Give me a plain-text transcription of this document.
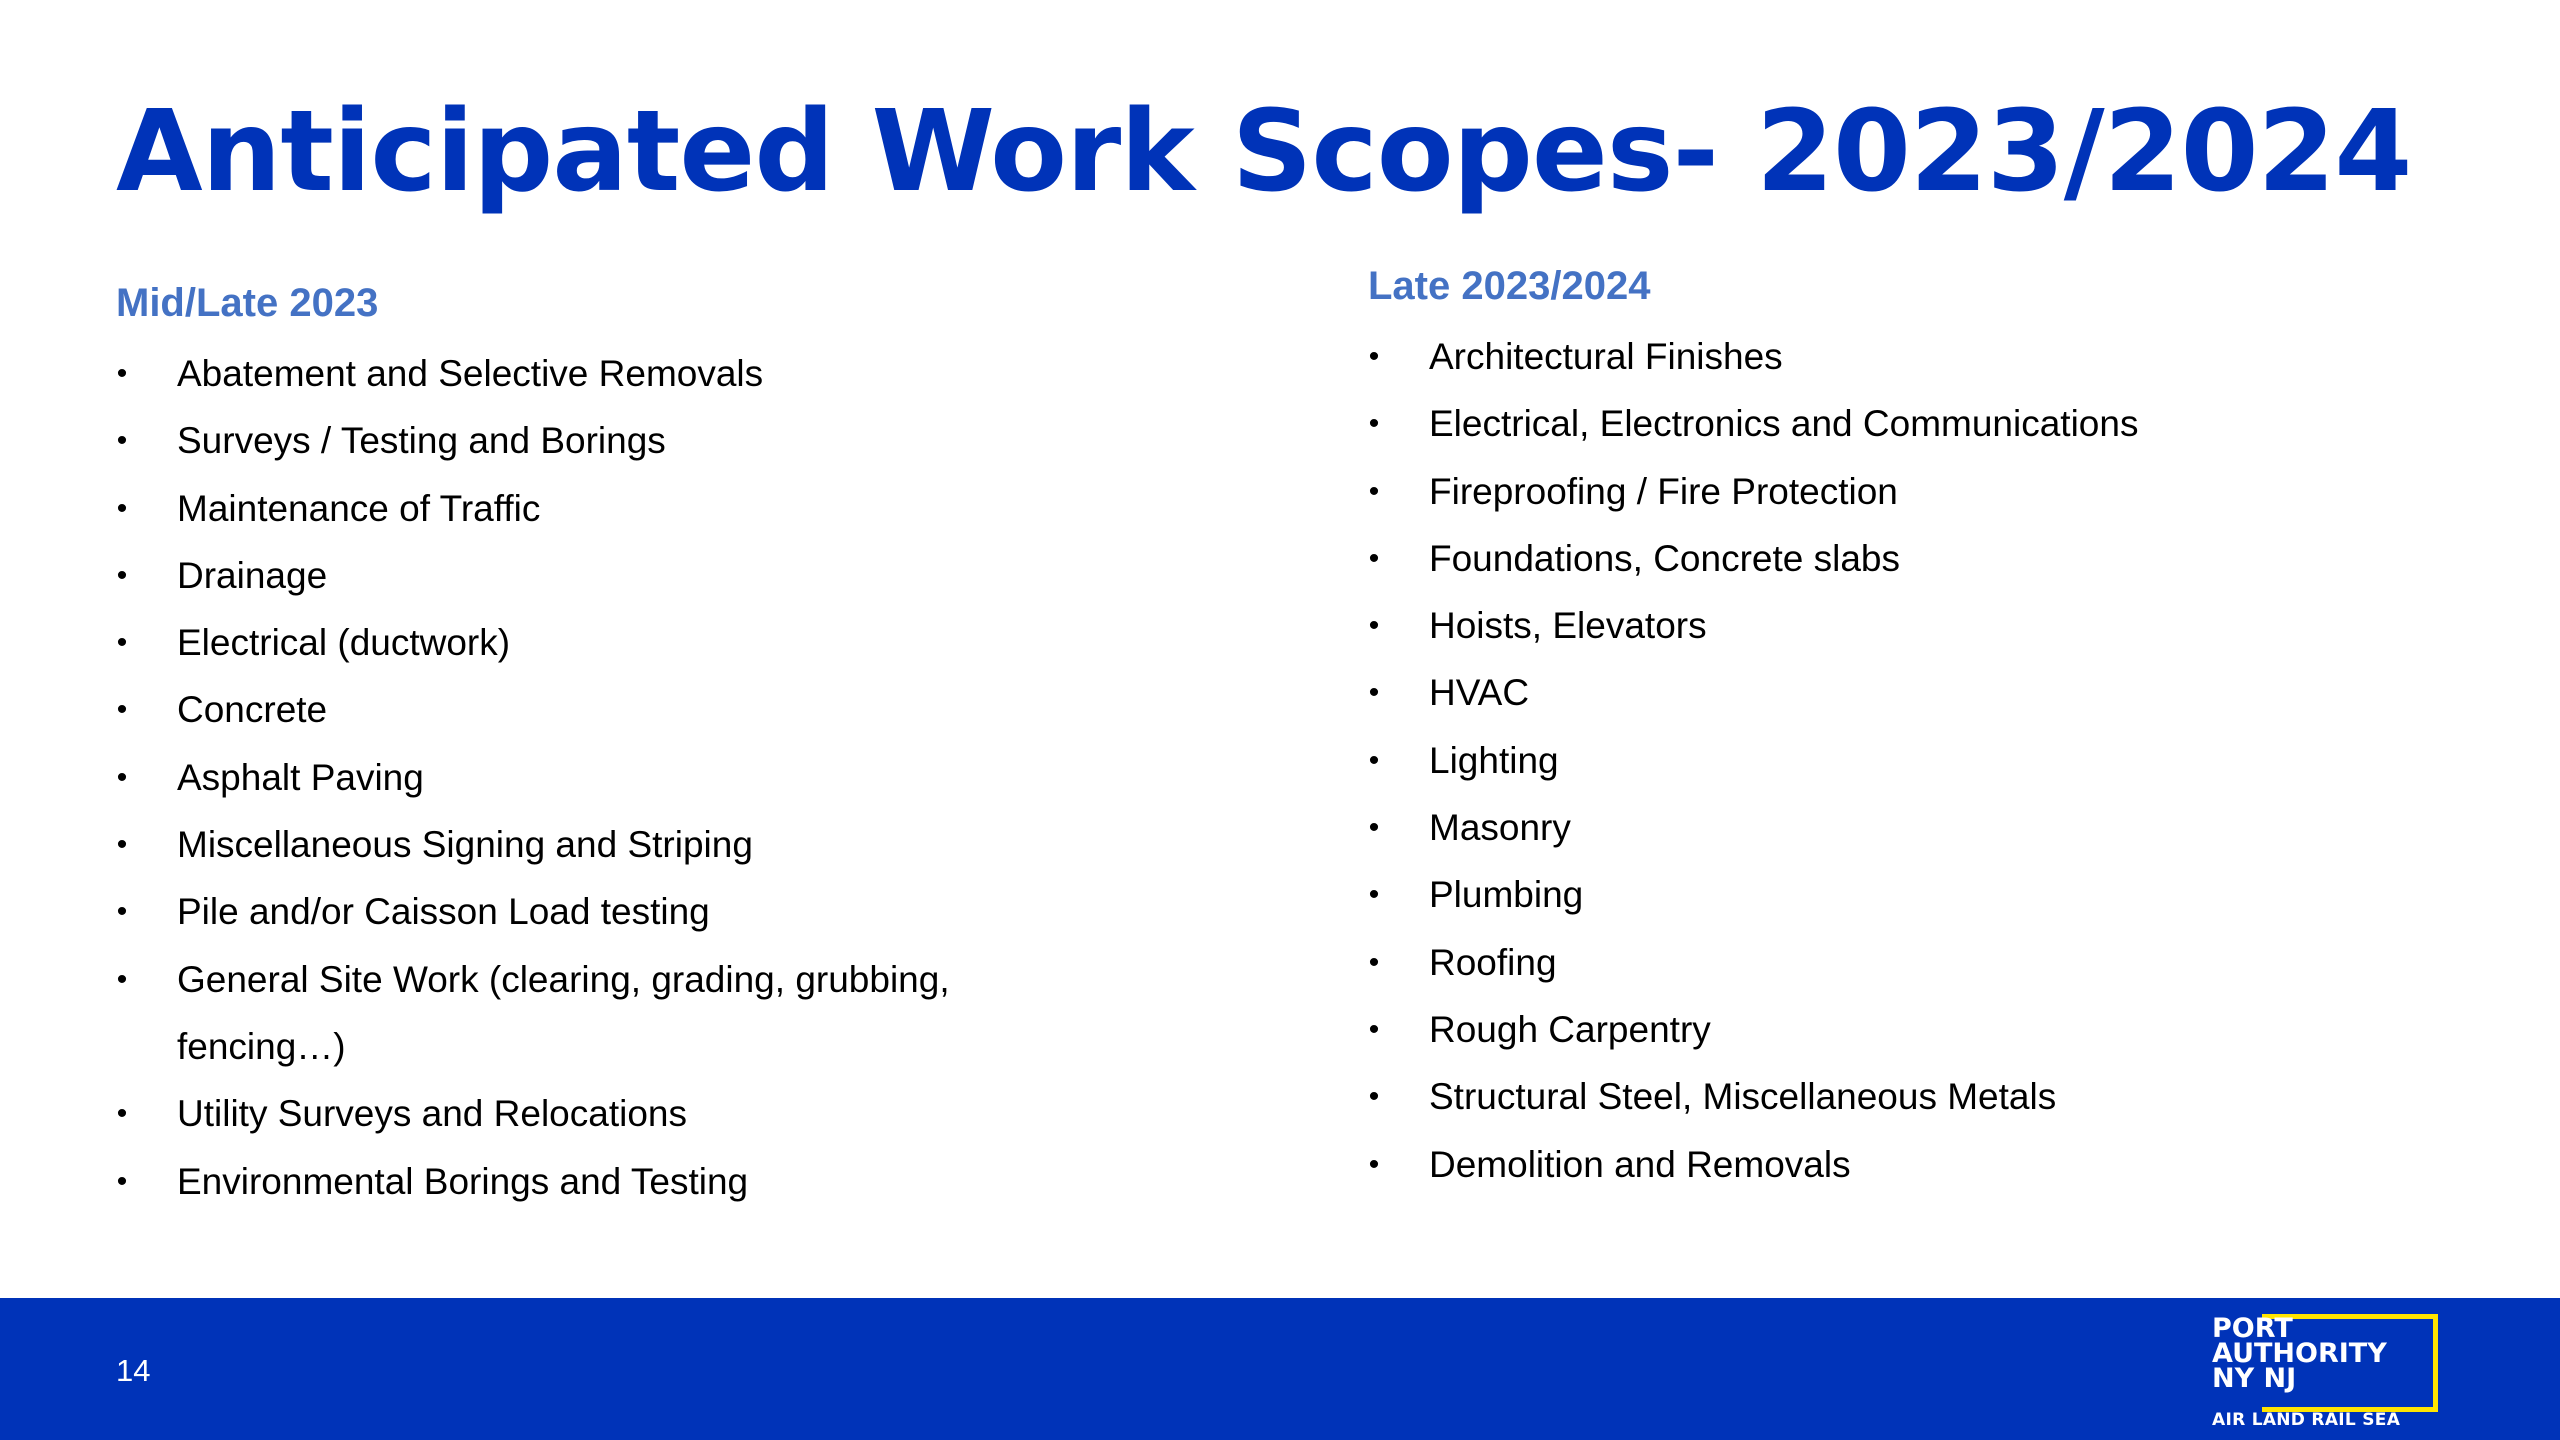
Anticipated Work Scopes- 2023/2024
Mid/Late 2023
• Abatement and Selective Removals
• Surveys / Testing and Borings
• Maintenance of Traffic
• Drainage
• Electrical (ductwork)
• Concrete
• Asphalt Paving
• Miscellaneous Signing and Striping
• Pile and/or Caisson Load testing
• General Site Work (clearing, grading, grubbing, fencing…)
• Utility Surveys and Relocations
• Environmental Borings and Testing
Late 2023/2024
• Architectural Finishes
• Electrical, Electronics and Communications
• Fireproofing / Fire Protection
• Foundations, Concrete slabs
• Hoists, Elevators
• HVAC
• Lighting
• Masonry
• Plumbing
• Roofing
• Rough Carpentry
• Structural Steel, Miscellaneous Metals
• Demolition and Removals
14
PORT
AUTHORITY
NY NJ
AIR LAND RAIL SEA
